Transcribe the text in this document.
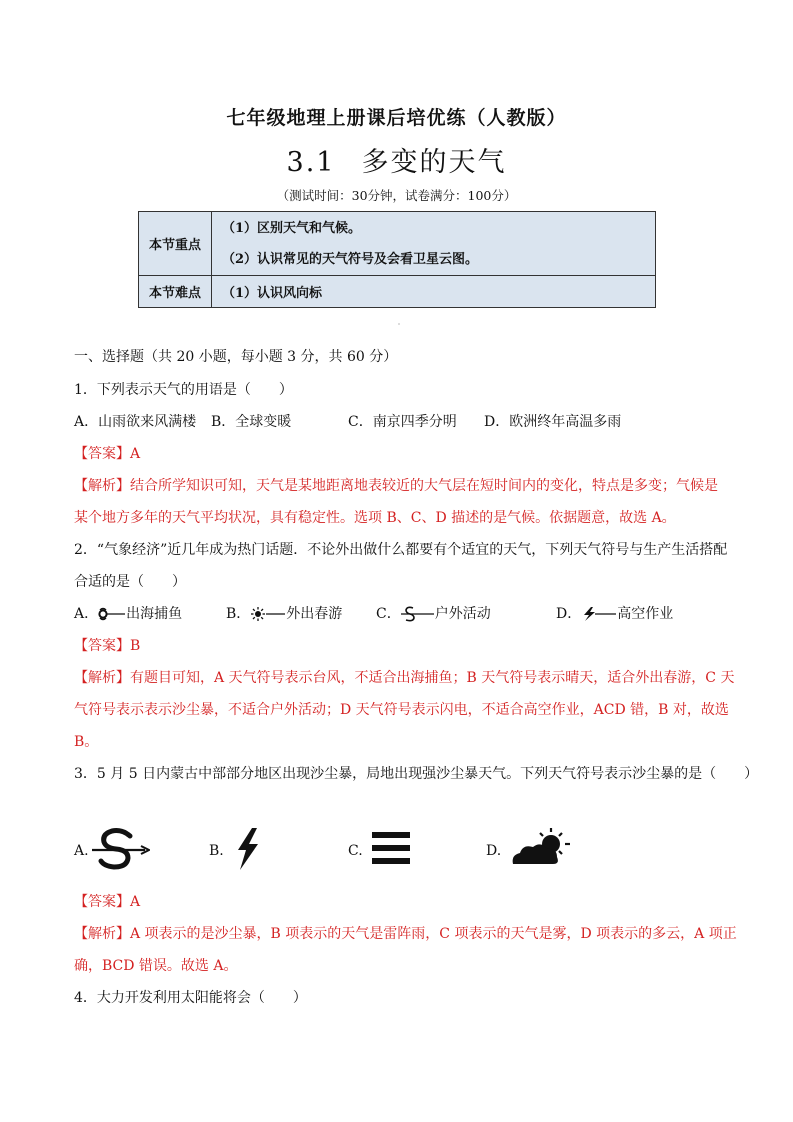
七年级地理上册课后培优练（人教版）
3.1 多变的天气
（测试时间：30分钟，试卷满分：100分）
本节重点	（1）区别天气和气候。
（2）认识常见的天气符号及会看卫星云图。

本节难点	（1）认识风向标
一、选择题（共 20 小题，每小题 3 分，共 60 分）
1．下列表示天气的用语是（　　）
A．山雨欲来风满楼 B．全球变暖	C．南京四季分明 D．欧洲终年高温多雨
【答案】A
【解析】结合所学知识可知，天气是某地距离地表较近的大气层在短时间内的变化，特点是多变；气候是
某个地方多年的天气平均状况，具有稳定性。选项 B、C、D 描述的是气候。依据题意，故选 A。
2．“气象经济”近几年成为热门话题．不论外出做什么都要有个适宜的天气，下列天气符号与生产生活搭配
合适的是（　　）
A． 出海捕鱼	B．	外出春游 C． 户外活动	D．	高空作业
【答案】B
【解析】有题目可知，A 天气符号表示台风，不适合出海捕鱼；B 天气符号表示晴天，适合外出春游，C 天
气符号表示表示沙尘暴，不适合户外活动；D 天气符号表示闪电，不适合高空作业，ACD 错，B 对，故选
B。
3．5 月 5 日内蒙古中部部分地区出现沙尘暴，局地出现强沙尘暴天气。下列天气符号表示沙尘暴的是（　　）
A.	B.	C.	D.
【答案】A
【解析】A 项表示的是沙尘暴，B 项表示的天气是雷阵雨，C 项表示的天气是雾，D 项表示的多云，A 项正
确，BCD 错误。故选 A。
4．大力开发利用太阳能将会（　　）
